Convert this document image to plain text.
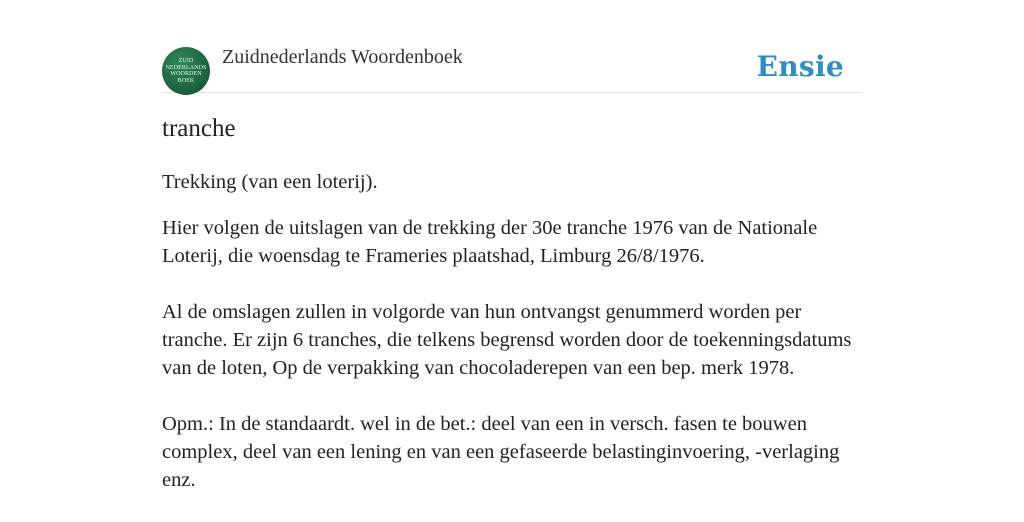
ZUID
NEDERLANDS
WOORDEN
BOEK
Zuidnederlands Woordenboek	Ensie
tranche

Trekking (van een loterij).

Hier volgen de uitslagen van de trekking der 30e tranche 1976 van de Nationale Loterij, die woensdag te Frameries plaatshad, Limburg 26/8/1976.

Al de omslagen zullen in volgorde van hun ontvangst genummerd worden per tranche. Er zijn 6 tranches, die telkens begrensd worden door de toekenningsdatums van de loten, Op de verpakking van chocoladerepen van een bep. merk 1978.

Opm.: In de standaardt. wel in de bet.: deel van een in versch. fasen te bouwen complex, deel van een lening en van een gefaseerde belastinginvoering, -verlaging enz.
